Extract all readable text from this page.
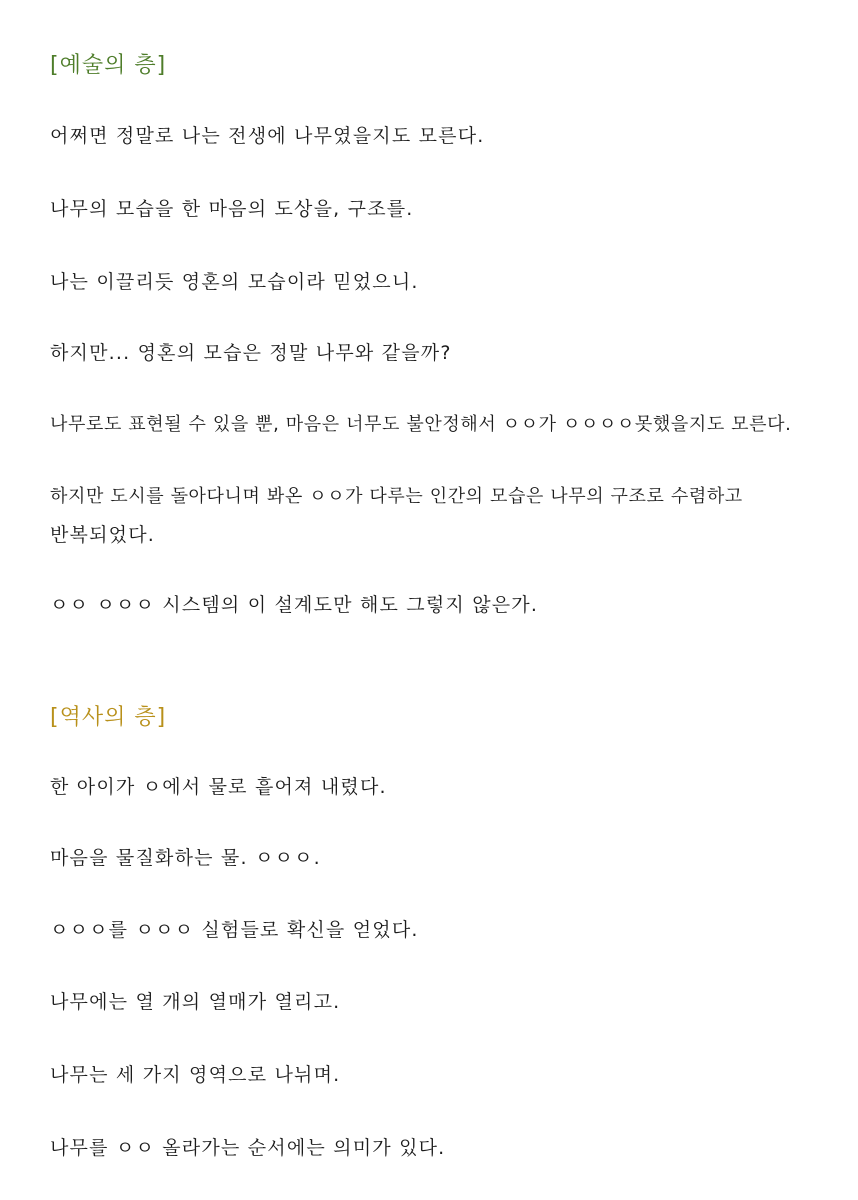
[예술의 층]
어쩌면 정말로 나는 전생에 나무였을지도 모른다.
나무의 모습을 한 마음의 도상을, 구조를.
나는 이끌리듯 영혼의 모습이라 믿었으니.
하지만... 영혼의 모습은 정말 나무와 같을까?
나무로도 표현될 수 있을 뿐, 마음은 너무도 불안정해서 ㅇㅇ가 ㅇㅇㅇㅇ못했을지도 모른다.
하지만 도시를 돌아다니며 봐온 ㅇㅇ가 다루는 인간의 모습은 나무의 구조로 수렴하고
반복되었다.
ㅇㅇ ㅇㅇㅇ 시스템의 이 설계도만 해도 그렇지 않은가.
[역사의 층]
한 아이가 ㅇ에서 물로 흩어져 내렸다.
마음을 물질화하는 물. ㅇㅇㅇ.
ㅇㅇㅇ를 ㅇㅇㅇ 실험들로 확신을 얻었다.
나무에는 열 개의 열매가 열리고.
나무는 세 가지 영역으로 나뉘며.
나무를 ㅇㅇ 올라가는 순서에는 의미가 있다.
